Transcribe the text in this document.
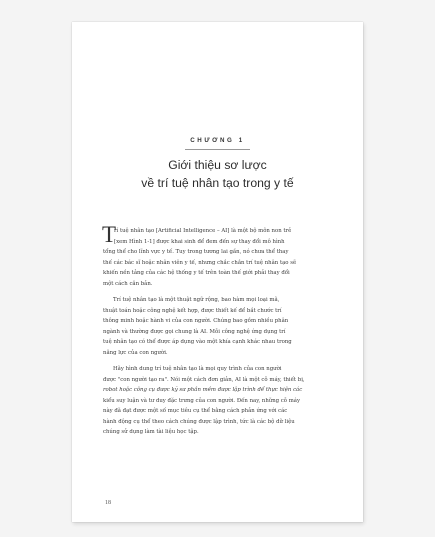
CHƯƠNG 1
Giới thiệu sơ lược
về trí tuệ nhân tạo trong y tế
T
rí tuệ nhân tạo [Artificial Intelligence – AI] là một bộ môn non trẻ
[xem Hình 1-1] được khai sinh để đem đến sự thay đổi mô hình
tổng thể cho lĩnh vực y tế. Tuy trong tương lai gần, nó chưa thể thay
thế các bác sĩ hoặc nhân viên y tế, nhưng chắc chắn trí tuệ nhân tạo sẽ
khiến nền tảng của các hệ thống y tế trên toàn thế giới phải thay đổi
một cách căn bản.
Trí tuệ nhân tạo là một thuật ngữ rộng, bao hàm mọi loại mã,
thuật toán hoặc công nghệ kết hợp, được thiết kế để bắt chước trí
thông minh hoặc hành vi của con người. Chúng bao gồm nhiều phân
ngành và thường được gọi chung là AI. Mỗi công nghệ ứng dụng trí
tuệ nhân tạo có thể được áp dụng vào một khía cạnh khác nhau trong
năng lực của con người.
Hãy hình dung trí tuệ nhân tạo là mọi quy trình của con người
được "con người tạo ra". Nói một cách đơn giản, AI là một cỗ máy, thiết bị,
robot hoặc công cụ được kỹ sư phần mềm được lập trình để thực hiện các
kiểu suy luận và tư duy đặc trưng của con người. Đến nay, những cỗ máy
này đã đạt được một số mục tiêu cụ thể bằng cách phản ứng với các
hành động cụ thể theo cách chúng được lập trình, tức là các bộ dữ liệu
chúng sử dụng làm tài liệu học tập.
18
